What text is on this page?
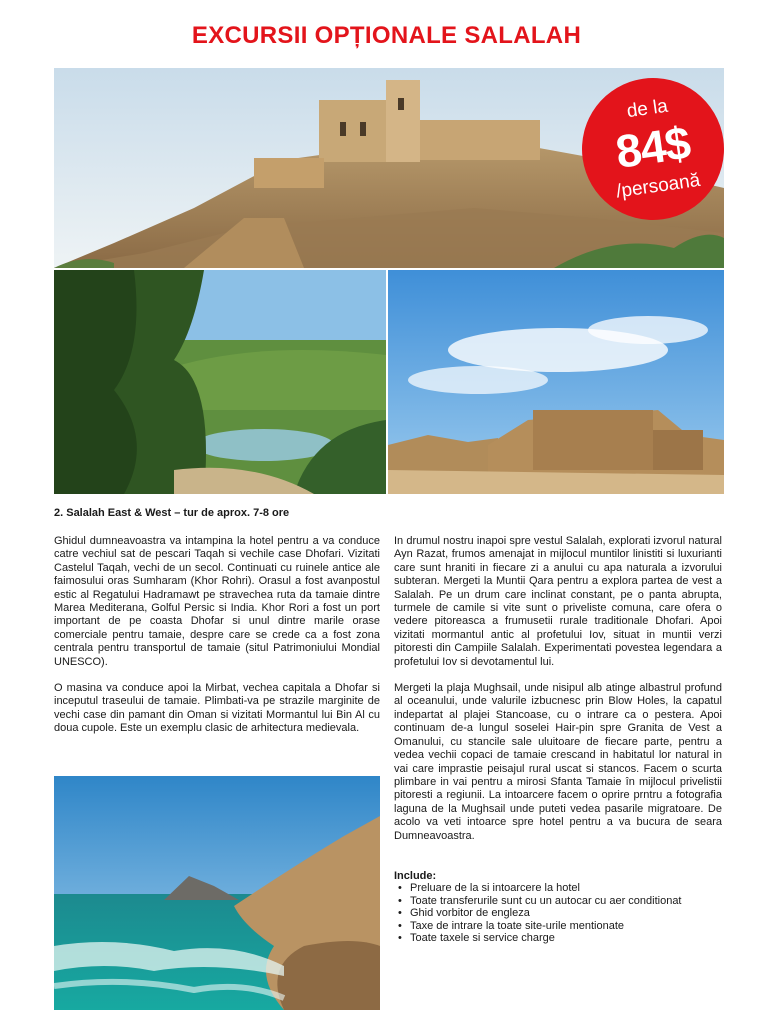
EXCURSII OPȚIONALE SALALAH
de la
84$
/persoană
2. Salalah East & West – tur de aprox. 7-8 ore

Ghidul dumneavoastra va intampina la hotel pentru a va conduce catre vechiul sat de pescari Taqah si vechile case Dhofari. Vizitati Castelul Taqah, vechi de un secol. Continuati cu ruinele antice ale faimosului oras Sumharam (Khor Rohri). Orasul a fost avanpostul estic al Regatului Hadramawt pe stravechea ruta da tamaie dintre Marea Mediterana, Golful Persic si India. Khor Rori a fost un port important de pe coasta Dhofar si unul dintre marile orase comerciale pentru tamaie, despre care se crede ca a fost zona centrala pentru transportul de tamaie (situl Patrimoniului Mondial UNESCO).

O masina va conduce apoi la Mirbat, vechea capitala a Dhofar si inceputul traseului de tamaie. Plimbati-va pe strazile marginite de vechi case din pamant din Oman si vizitati Mormantul lui Bin Al cu doua cupole. Este un exemplu clasic de arhitectura medievala.

In drumul nostru inapoi spre vestul Salalah, explorati izvorul natural Ayn Razat, frumos amenajat in mijlocul muntilor linistiti si luxurianti care sunt hraniti in fiecare zi a anului cu apa naturala a izvorului subteran. Mergeti la Muntii Qara pentru a explora partea de vest a Salalah. Pe un drum care inclinat constant, pe o panta abrupta, turmele de camile si vite sunt o priveliste comuna, care ofera o vedere pitoreasca a frumusetii rurale traditionale Dhofari. Apoi vizitati mormantul antic al profetului Iov, situat in muntii verzi pitoresti din Campiile Salalah. Experimentati povestea legendara a profetului Iov si devotamentul lui.

Mergeti la plaja Mughsail, unde nisipul alb atinge albastrul profund al oceanului, unde valurile izbucnesc prin Blow Holes, la capatul indepartat al plajei Stancoase, cu o intrare ca o pestera. Apoi continuam de-a lungul soselei Hair-pin spre Granita de Vest a Omanului, cu stancile sale uluitoare de fiecare parte, pentru a vedea vechii copaci de tamaie crescand in habitatul lor natural in vai care imprastie peisajul rural uscat si stancos. Facem o scurta plimbare in vai pentru a mirosi Sfanta Tamaie în mijlocul privelistii pitoresti a regiunii. La intoarcere facem o oprire prntru a fotografia laguna de la Mughsail unde puteti vedea pasarile migratoare. De acolo va veti intoarce spre hotel pentru a va bucura de seara Dumneavoastra.

Include:
• Preluare de la si intoarcere la hotel
• Toate transferurile sunt cu un autocar cu aer conditionat
• Ghid vorbitor de engleza
• Taxe de intrare la toate site-urile mentionate
• Toate taxele si service charge
